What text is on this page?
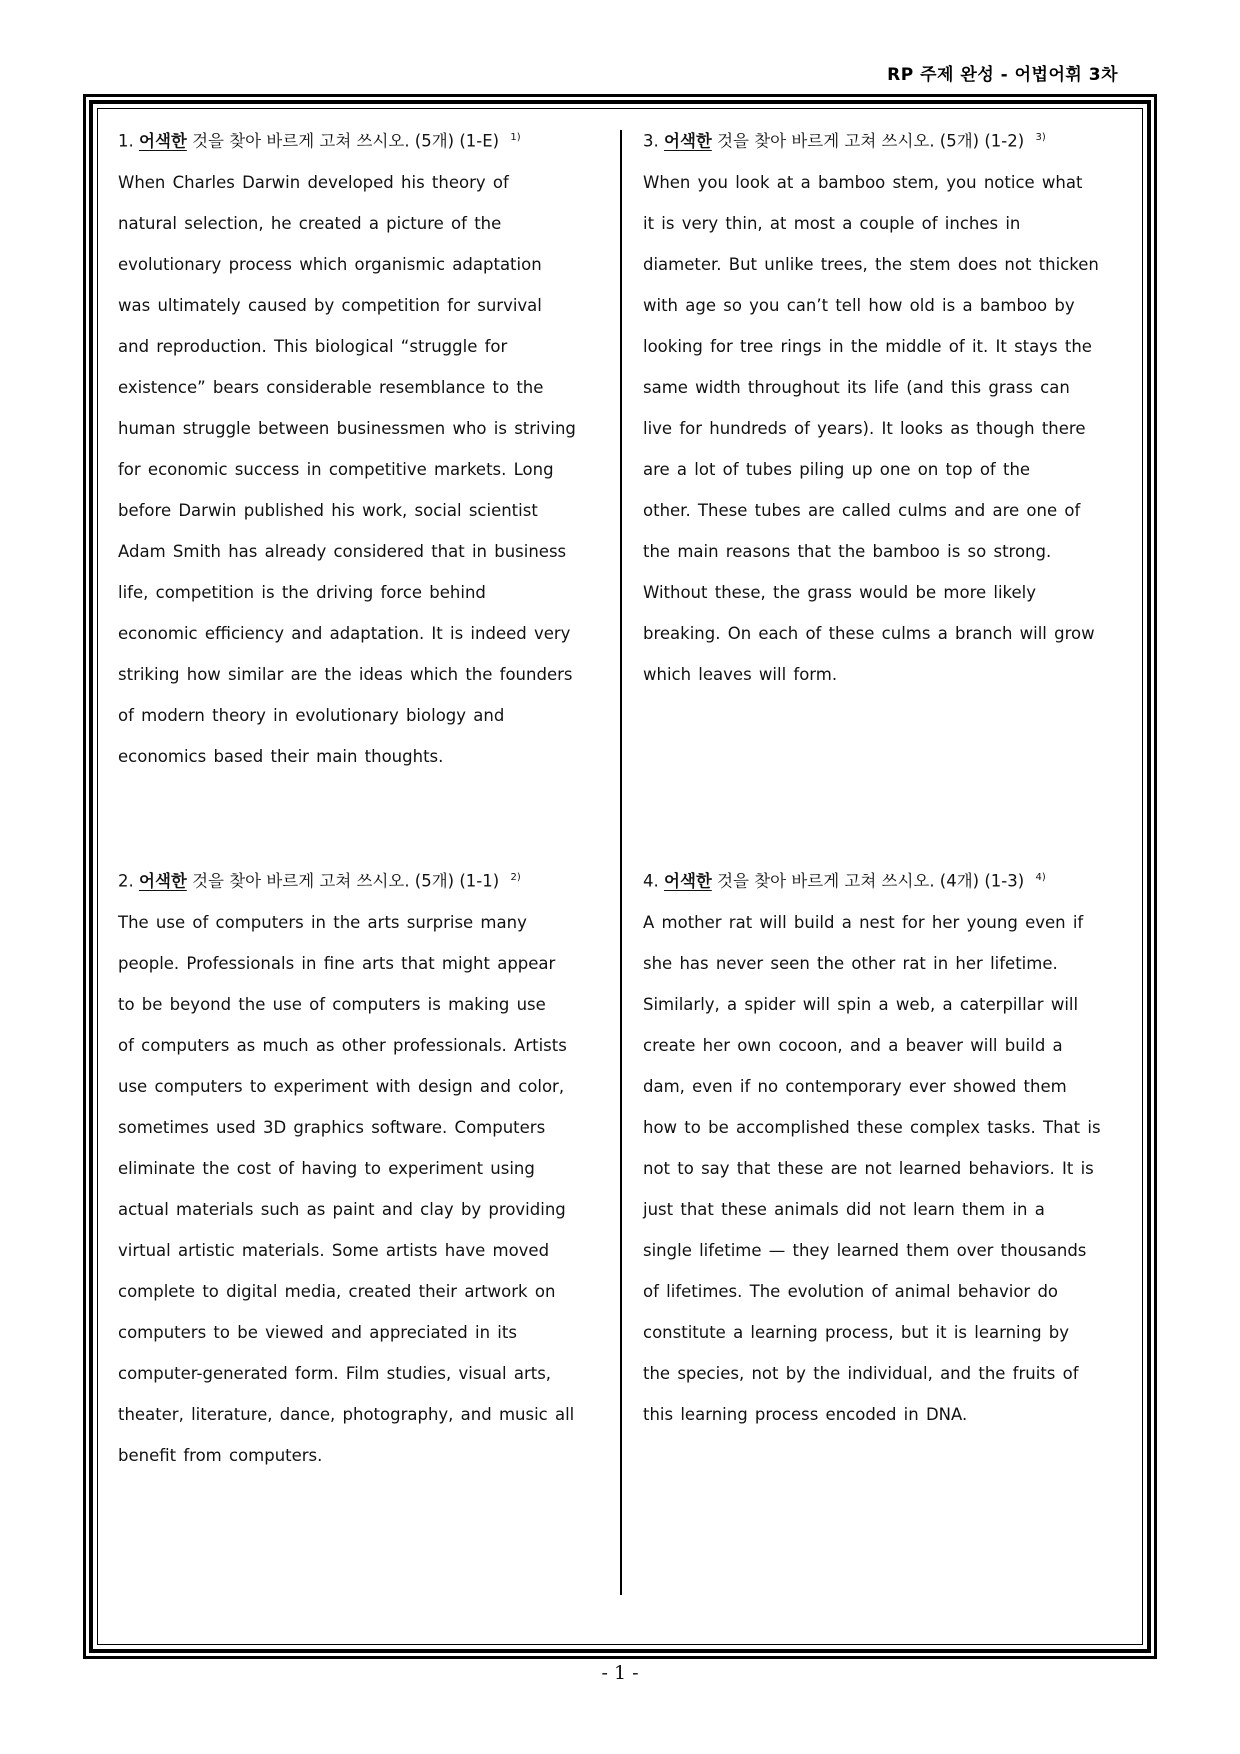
RP 주제 완성 - 어법어휘 3차
1. 어색한 것을 찾아 바르게 고쳐 쓰시오. (5개) (1-E) $^{1)}$
When Charles Darwin developed his theory of
natural selection, he created a picture of the
evolutionary process which organismic adaptation
was ultimately caused by competition for survival
and reproduction. This biological “struggle for
existence” bears considerable resemblance to the
human struggle between businessmen who is striving
for economic success in competitive markets. Long
before Darwin published his work, social scientist
Adam Smith has already considered that in business
life, competition is the driving force behind
economic efficiency and adaptation. It is indeed very
striking how similar are the ideas which the founders
of modern theory in evolutionary biology and
economics based their main thoughts.
2. 어색한 것을 찾아 바르게 고쳐 쓰시오. (5개) (1-1) $^{2)}$
The use of computers in the arts surprise many
people. Professionals in fine arts that might appear
to be beyond the use of computers is making use
of computers as much as other professionals. Artists
use computers to experiment with design and color,
sometimes used 3D graphics software. Computers
eliminate the cost of having to experiment using
actual materials such as paint and clay by providing
virtual artistic materials. Some artists have moved
complete to digital media, created their artwork on
computers to be viewed and appreciated in its
computer-generated form. Film studies, visual arts,
theater, literature, dance, photography, and music all
benefit from computers.
3. 어색한 것을 찾아 바르게 고쳐 쓰시오. (5개) (1-2) $^{3)}$
When you look at a bamboo stem, you notice what
it is very thin, at most a couple of inches in
diameter. But unlike trees, the stem does not thicken
with age so you can’t tell how old is a bamboo by
looking for tree rings in the middle of it. It stays the
same width throughout its life (and this grass can
live for hundreds of years). It looks as though there
are a lot of tubes piling up one on top of the
other. These tubes are called culms and are one of
the main reasons that the bamboo is so strong.
Without these, the grass would be more likely
breaking. On each of these culms a branch will grow
which leaves will form.
4. 어색한 것을 찾아 바르게 고쳐 쓰시오. (4개) (1-3) $^{4)}$
A mother rat will build a nest for her young even if
she has never seen the other rat in her lifetime.
Similarly, a spider will spin a web, a caterpillar will
create her own cocoon, and a beaver will build a
dam, even if no contemporary ever showed them
how to be accomplished these complex tasks. That is
not to say that these are not learned behaviors. It is
just that these animals did not learn them in a
single lifetime — they learned them over thousands
of lifetimes. The evolution of animal behavior do
constitute a learning process, but it is learning by
the species, not by the individual, and the fruits of
this learning process encoded in DNA.
- 1 -
